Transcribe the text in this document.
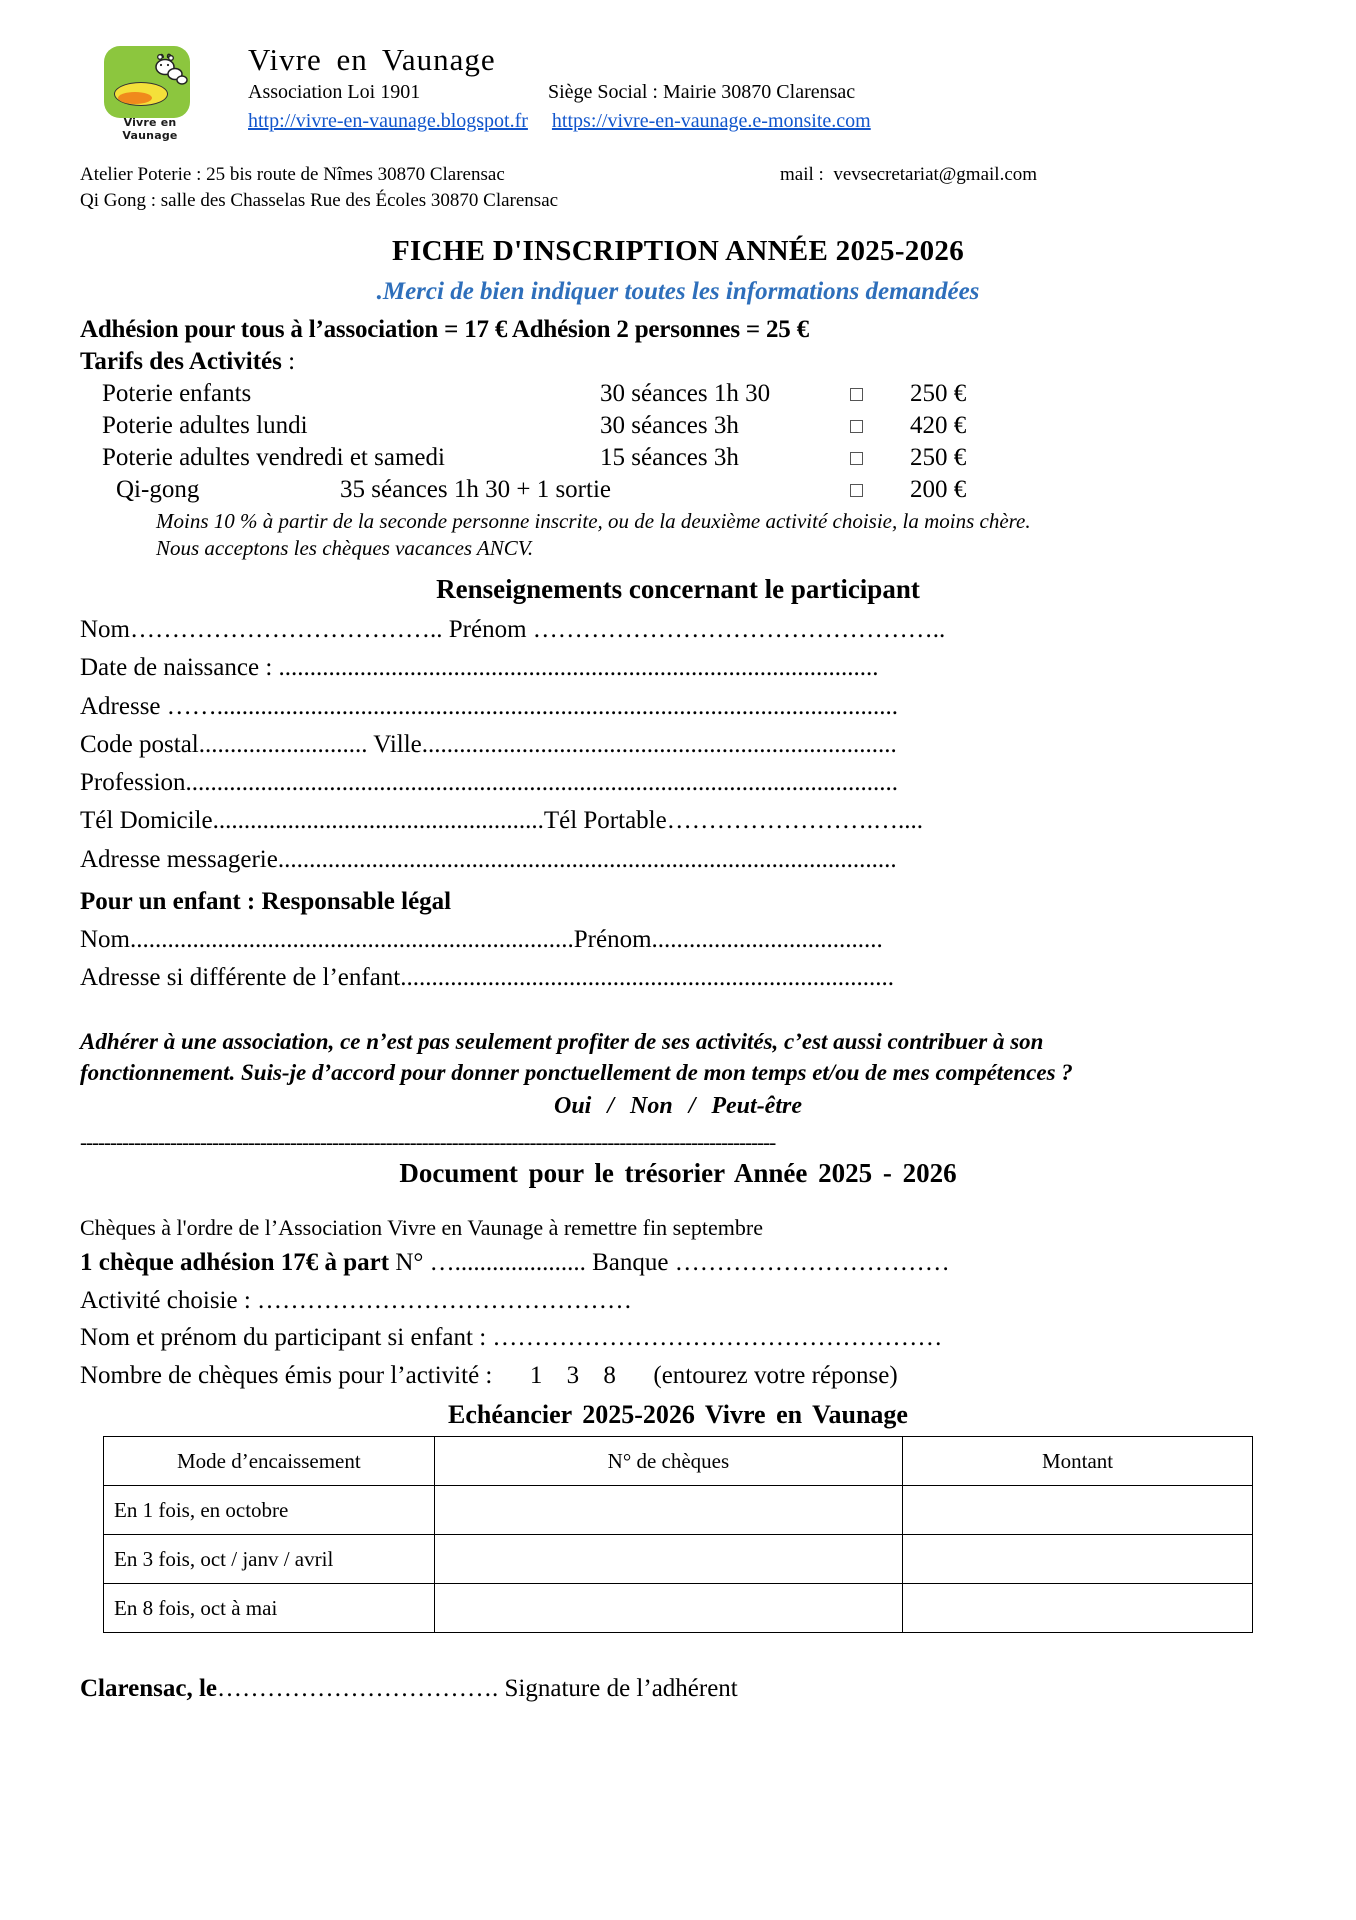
Vivre en Vaunage
Vivre en Vaunage
Association Loi 1901	Siège Social : Mairie 30870 Clarensac
http://vivre-en-vaunage.blogspot.fr https://vivre-en-vaunage.e-monsite.com
Atelier Poterie : 25 bis route de Nîmes 30870 Clarensac	mail :
vevsecretariat@gmail.com
Qi Gong : salle des Chasselas Rue des Écoles 30870 Clarensac
FICHE D'INSCRIPTION ANNÉE 2025-2026
.Merci de bien indiquer toutes les informations demandées
Adhésion pour tous à l’association = 17 € Adhésion 2 personnes = 25 €
Tarifs des Activités :
Poterie enfants	30 séances 1h 30	250 €
Poterie adultes lundi	30 séances 3h	420 €
Poterie adultes vendredi et samedi	15 séances 3h	250 €
Qi-gong	35 séances 1h 30 + 1 sortie	200 €
Moins 10 % à partir de la seconde personne inscrite, ou de la deuxième activité choisie, la moins chère.
Nous acceptons les chèques vacances ANCV.
Renseignements concernant le participant
Nom……………………………….. Prénom …………………………………………..
Date de naissance : ................................................................................................
Adresse …….............................................................................................................
Code postal........................... Ville............................................................................
Profession..................................................................................................................
Tél Domicile.....................................................Tél Portable…………………….…....
Adresse messagerie...................................................................................................
Pour un enfant : Responsable légal
Nom.......................................................................Prénom.....................................
Adresse si différente de l’enfant...............................................................................
Adhérer à une association, ce n’est pas seulement profiter de ses activités, c’est aussi contribuer à son
fonctionnement. Suis-je d’accord pour donner ponctuellement de mon temps et/ou de mes compétences ?
Oui / Non / Peut-être
--------------------------------------------------------------------------------------------------------------------
Document pour le trésorier Année 2025 - 2026
Chèques à l'ordre de l’Association Vivre en Vaunage à remettre fin septembre
1 chèque adhésion 17€ à part N° …..................... Banque ……………………………
Activité choisie : ………………………………………
Nom et prénom du participant si enfant : ………………………………………………
Nombre de chèques émis pour l’activité : 1 3 8 (entourez votre réponse)
Echéancier 2025-2026 Vivre en Vaunage
Mode d’encaissement	N° de chèques	Montant
En 1 fois, en octobre		
En 3 fois, oct / janv / avril		
En 8 fois, oct à mai		
Clarensac, le……………………………. Signature de l’adhérent
